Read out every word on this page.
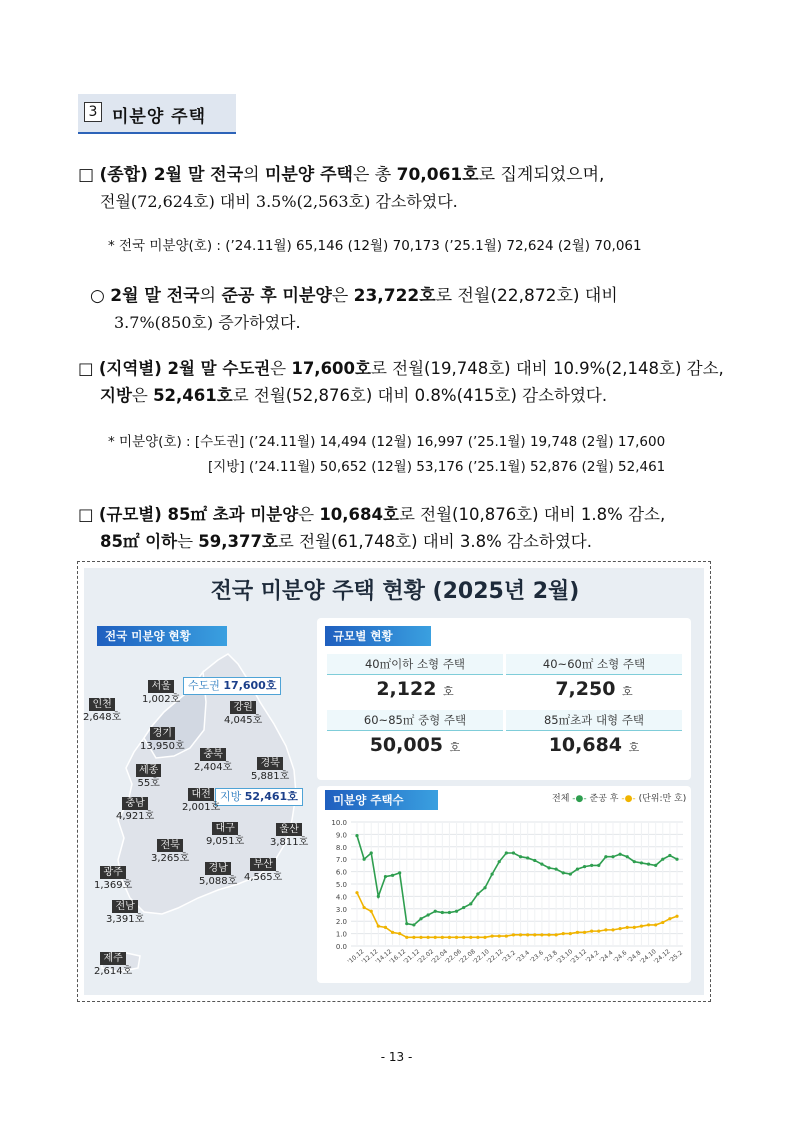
3 미분양 주택
□ (종합) 2월 말 전국의 미분양 주택은 총 70,061호로 집계되었으며,
전월(72,624호) 대비 3.5%(2,563호) 감소하였다.
* 전국 미분양(호) : (’24.11월) 65,146 (12월) 70,173 (’25.1월) 72,624 (2월) 70,061
○ 2월 말 전국의 준공 후 미분양은 23,722호로 전월(22,872호) 대비
3.7%(850호) 증가하였다.
□ (지역별) 2월 말 수도권은 17,600호로 전월(19,748호) 대비 10.9%(2,148호) 감소,
지방은 52,461호로 전월(52,876호) 대비 0.8%(415호) 감소하였다.
* 미분양(호) : [수도권] (’24.11월) 14,494 (12월) 16,997 (’25.1월) 19,748 (2월) 17,600
[지방] (’24.11월) 50,652 (12월) 53,176 (’25.1월) 52,876 (2월) 52,461
□ (규모별) 85㎡ 초과 미분양은 10,684호로 전월(10,876호) 대비 1.8% 감소,
85㎡ 이하는 59,377호로 전월(61,748호) 대비 3.8% 감소하였다.
전국 미분양 주택 현황 (2025년 2월)
전국 미분양 현황
수도권 17,600호
지방 52,461호
서울
1,002호
인천
2,648호
경기
13,950호
강원
4,045호
충북
2,404호
세종
55호
경북
5,881호
대전
2,001호
충남
4,921호
대구
9,051호
울산
3,811호
전북
3,265호
경남
5,088호
부산
4,565호
광주
1,369호
전남
3,391호
제주
2,614호
규모별 현황
40㎡이하 소형 주택
2,122 호
40~60㎡ 소형 주택
7,250 호
60~85㎡ 중형 주택
50,005 호
85㎡초과 대형 주택
10,684 호
미분양 주택수	전체 -●- 준공 후 -●- (단위:만 호)
0.0
1.0
2.0
3.0
4.0
5.0
6.0
7.0
8.0
9.0
10.0
'10.12
'12.12
'14.12
'16.12
'21.12
'22.02
'22.04
'22.06
'22.08
'22.10
'22.12
'23.2
'23.4
'23.6
'23.8
'23.10
'23.12
'24.2
'24.4
'24.6
'24.8
'24.10
'24.12
'25.2
- 13 -
